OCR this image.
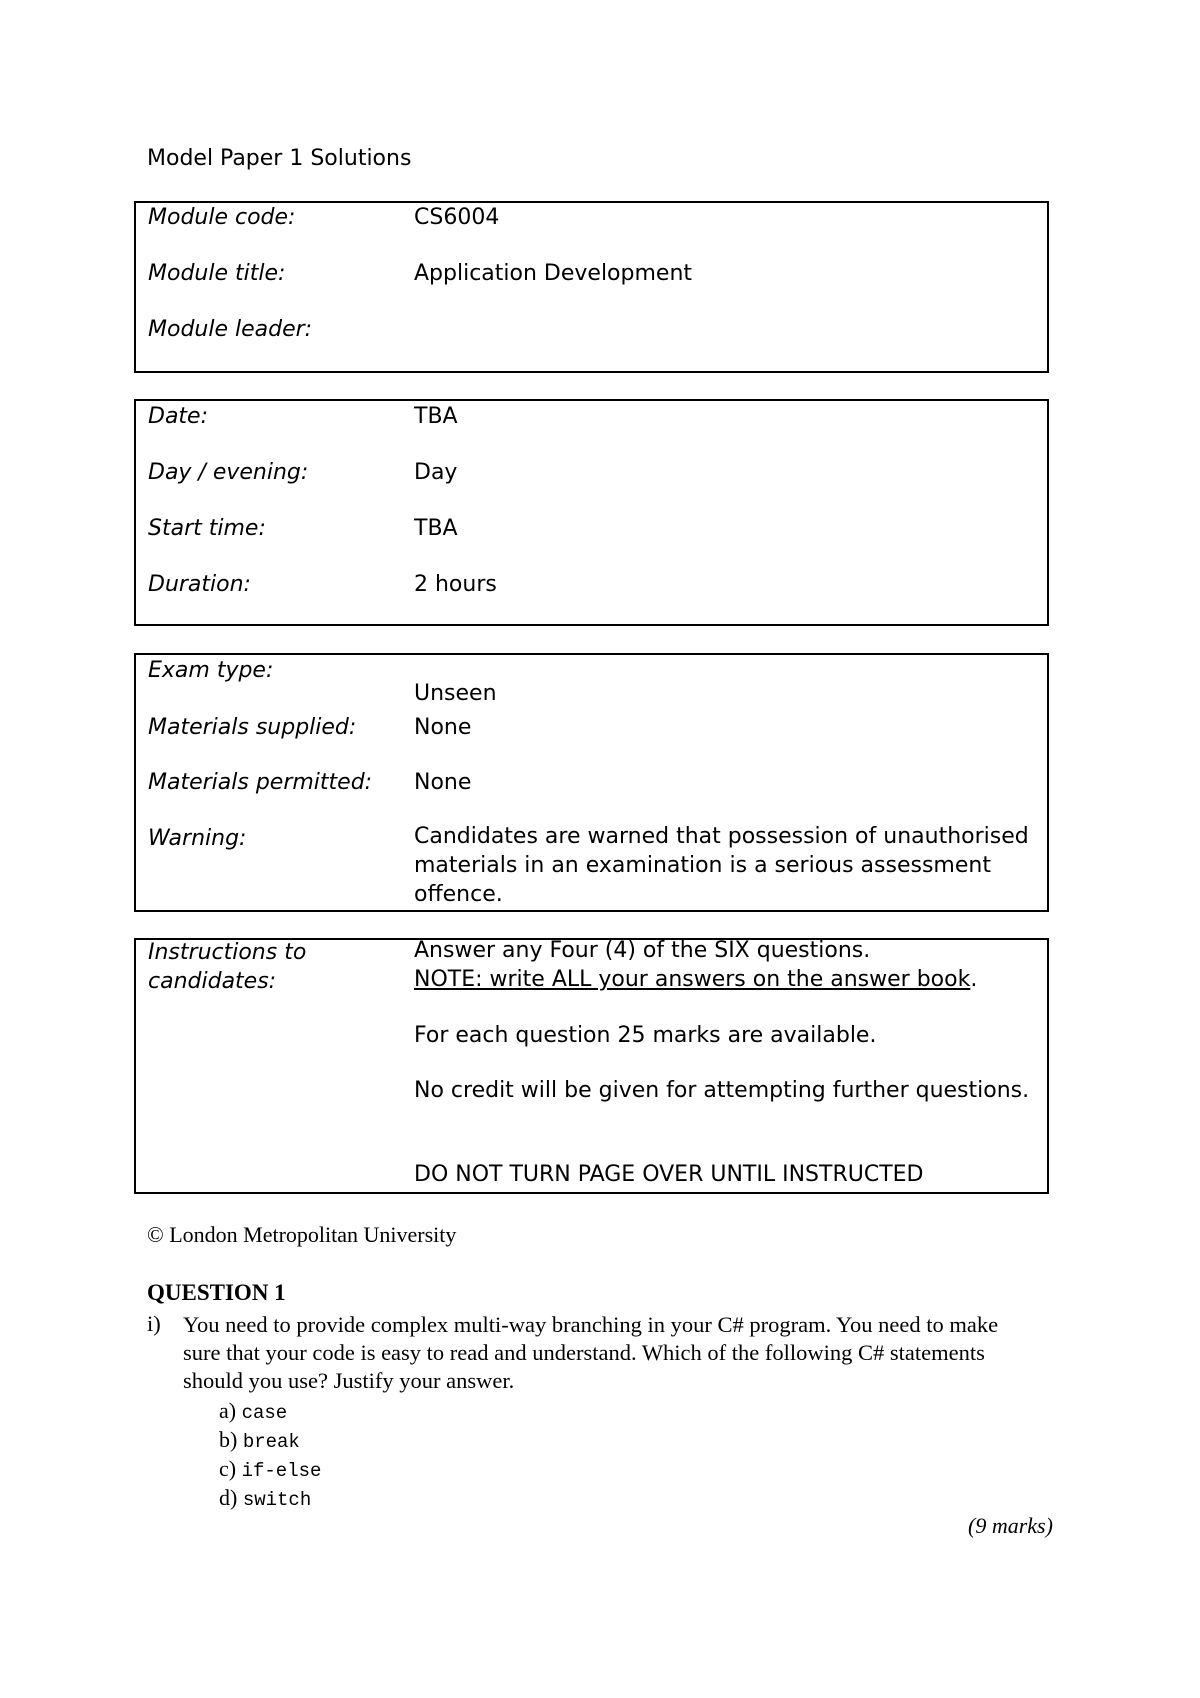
Model Paper 1 Solutions
Module code:	CS6004
Module title:	Application Development
Module leader:
Date:	TBA
Day / evening:	Day
Start time:	TBA
Duration:	2 hours
Exam type:
Unseen
Materials supplied:	None
Materials permitted: None
Warning:	Candidates are warned that possession of unauthorised materials in an examination is a serious assessment offence.
Instructions to candidates:
Answer any Four (4) of the SIX questions.
NOTE: write ALL your answers on the answer book.
For each question 25 marks are available.
No credit will be given for attempting further questions.
DO NOT TURN PAGE OVER UNTIL INSTRUCTED
© London Metropolitan University
QUESTION 1
i) You need to provide complex multi-way branching in your C# program. You need to make sure that your code is easy to read and understand. Which of the following C# statements should you use? Justify your answer.
a) case
b) break
c) if-else
d) switch
(9 marks)
